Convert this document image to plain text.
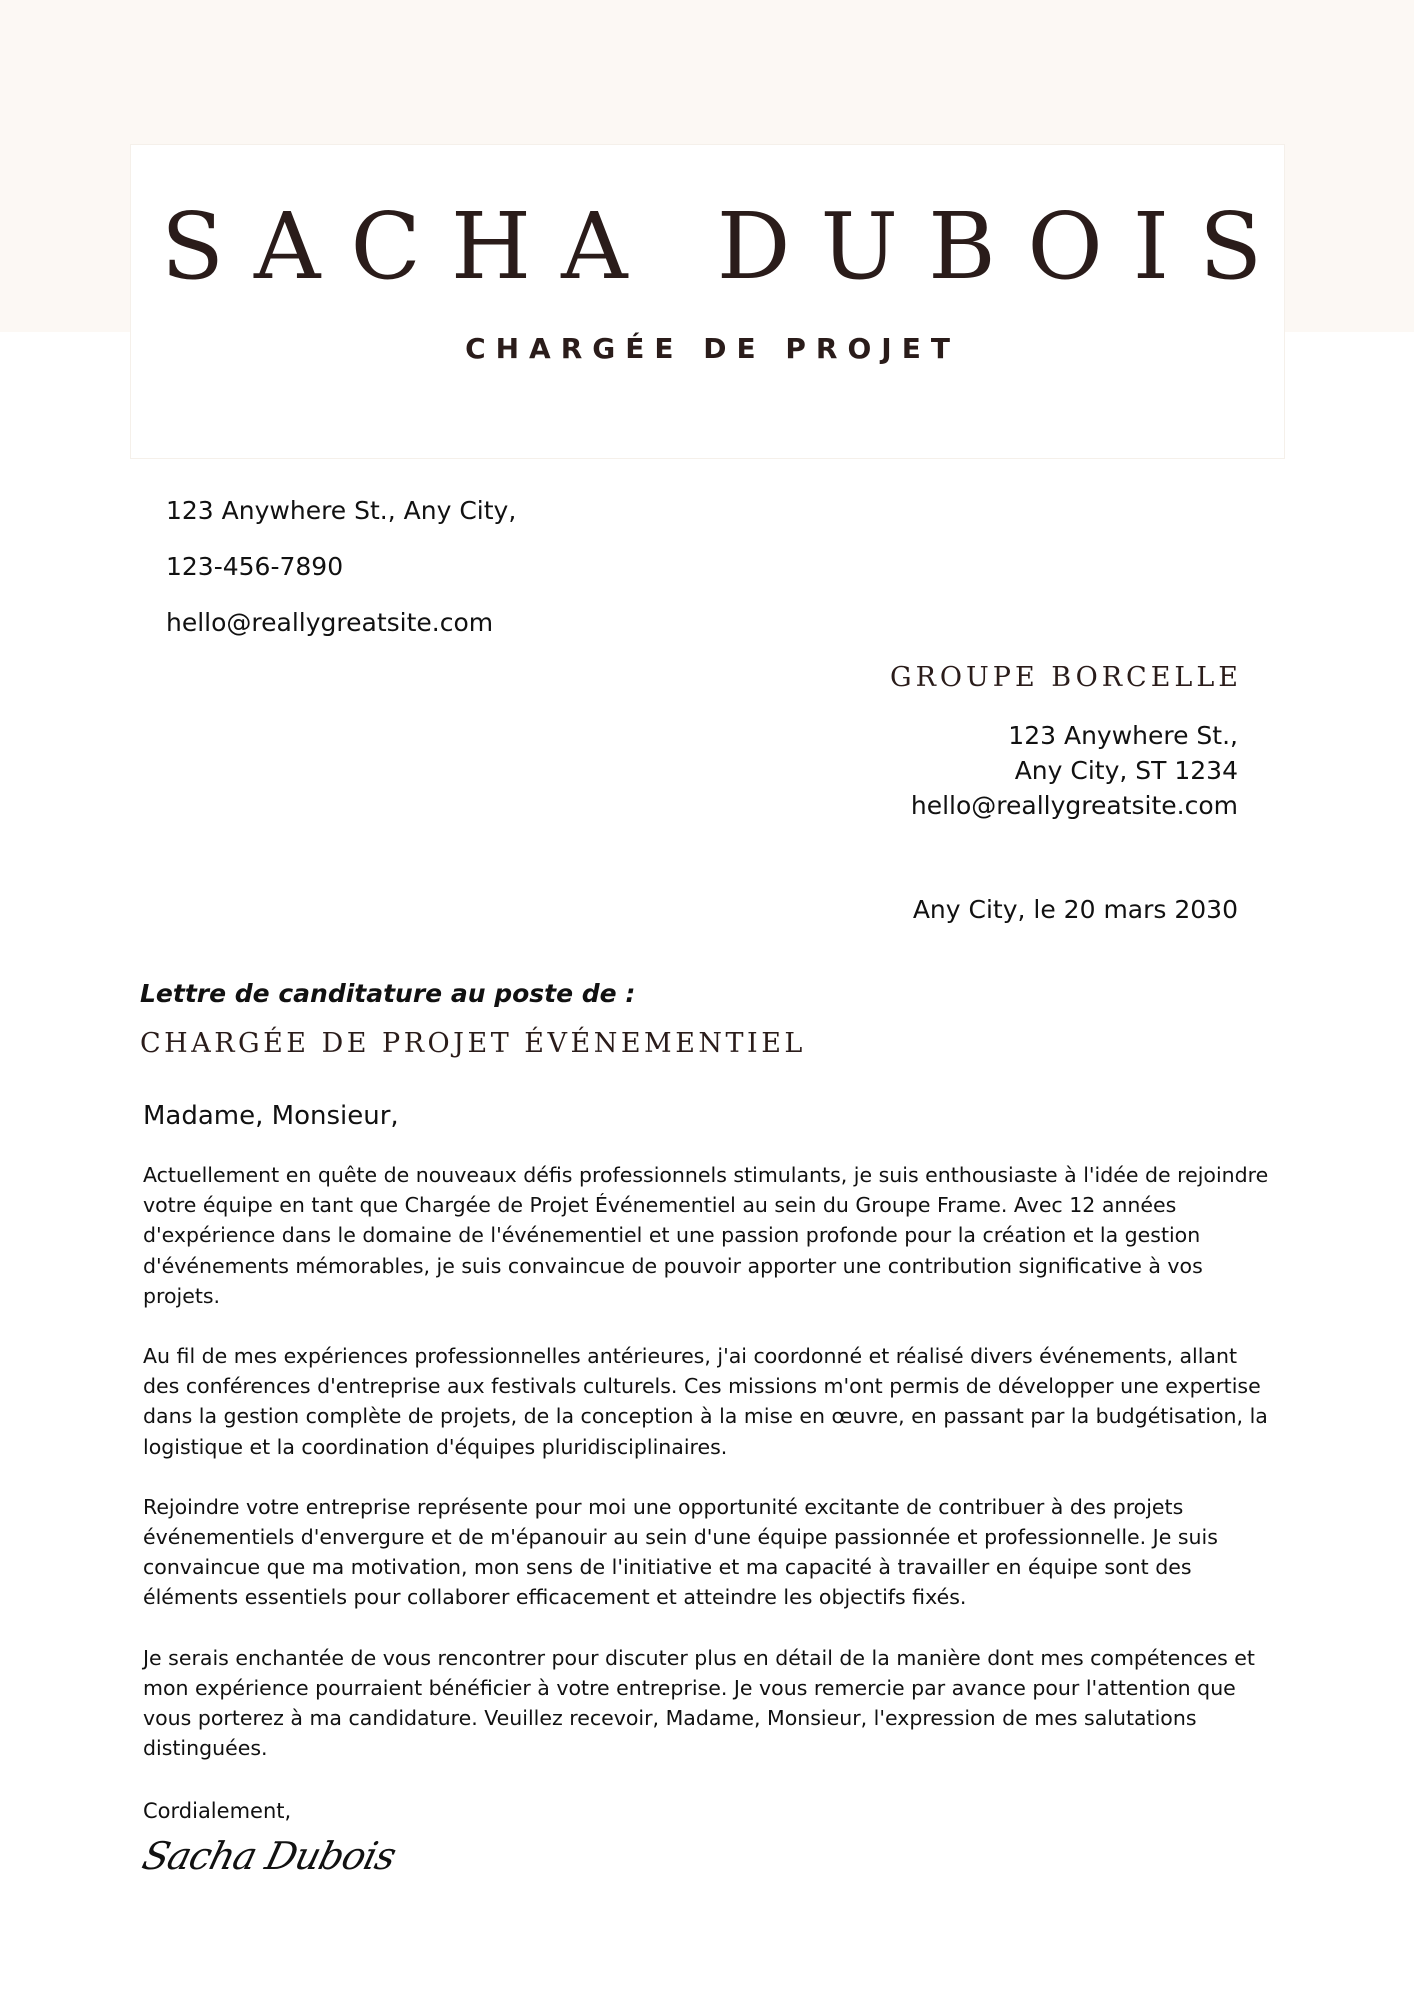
SACHA DUBOIS
CHARGÉE DE PROJET
123 Anywhere St., Any City,
123-456-7890
hello@reallygreatsite.com
GROUPE BORCELLE
123 Anywhere St.,
Any City, ST 1234
hello@reallygreatsite.com
Any City, le 20 mars 2030
Lettre de canditature au poste de :
CHARGÉE DE PROJET ÉVÉNEMENTIEL
Madame, Monsieur,

Actuellement en quête de nouveaux défis professionnels stimulants, je suis enthousiaste à l'idée de rejoindre votre équipe en tant que Chargée de Projet Événementiel au sein du Groupe Frame. Avec 12 années d'expérience dans le domaine de l'événementiel et une passion profonde pour la création et la gestion d'événements mémorables, je suis convaincue de pouvoir apporter une contribution significative à vos projets.

Au fil de mes expériences professionnelles antérieures, j'ai coordonné et réalisé divers événements, allant des conférences d'entreprise aux festivals culturels. Ces missions m'ont permis de développer une expertise dans la gestion complète de projets, de la conception à la mise en œuvre, en passant par la budgétisation, la logistique et la coordination d'équipes pluridisciplinaires.

Rejoindre votre entreprise représente pour moi une opportunité excitante de contribuer à des projets événementiels d'envergure et de m'épanouir au sein d'une équipe passionnée et professionnelle. Je suis convaincue que ma motivation, mon sens de l'initiative et ma capacité à travailler en équipe sont des éléments essentiels pour collaborer efficacement et atteindre les objectifs fixés.

Je serais enchantée de vous rencontrer pour discuter plus en détail de la manière dont mes compétences et mon expérience pourraient bénéficier à votre entreprise. Je vous remercie par avance pour l'attention que vous porterez à ma candidature. Veuillez recevoir, Madame, Monsieur, l'expression de mes salutations distinguées.

Cordialement,
Sacha Dubois
